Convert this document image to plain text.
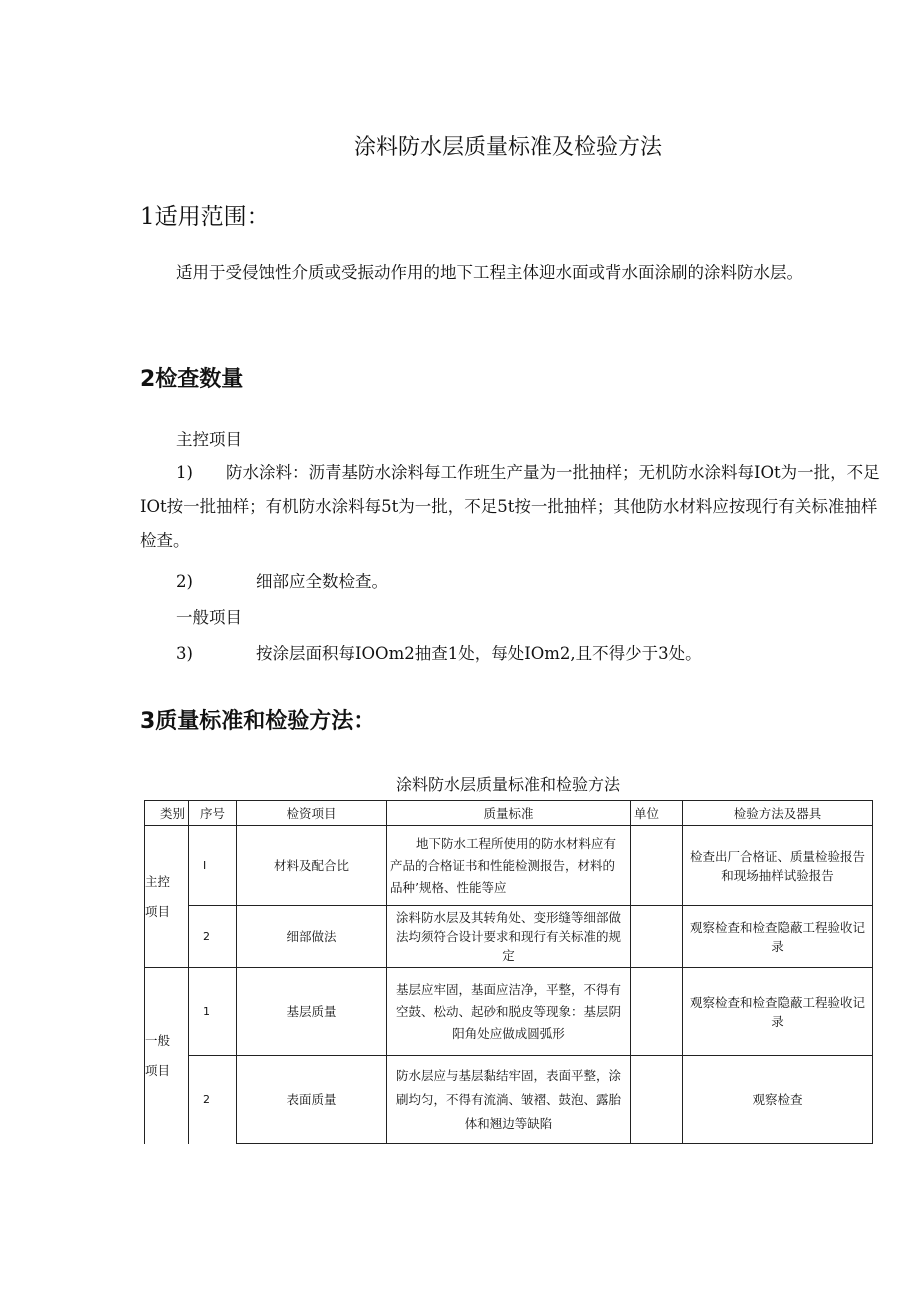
涂料防水层质量标准及检验方法
1适用范围：
适用于受侵蚀性介质或受振动作用的地下工程主体迎水面或背水面涂刷的涂料防水层。
2检查数量
主控项目
1) 防水涂料：沥青基防水涂料每工作班生产量为一批抽样；无机防水涂料每IOt为一批，不足IOt按一批抽样；有机防水涂料每5t为一批，不足5t按一批抽样；其他防水材料应按现行有关标准抽样检查。
2)	细部应全数检查。
一般项目
3)	按涂层面积每IOOm2抽查1处，每处IOm2,且不得少于3处。
3质量标准和检验方法：
涂料防水层质量标准和检验方法
类别	序号	检资项目	质量标准	单位	检验方法及器具

主控项目	I	材料及配合比	地下防水工程所使用的防水材料应有产品的合格证书和性能检测报告，材料的品种’规格、性能等应		检查出厂合格证、质量检验报告和现场抽样试验报告
	2	细部做法	涂料防水层及其转角处、变形缝等细部做法均须符合设计要求和现行有关标准的规定		观察检查和检查隐蔽工程验收记录

一般项目	1	基层质量	基层应牢固，基面应洁净，平整，不得有空鼓、松动、起砂和脱皮等现象：基层阴阳角处应做成圆弧形		观察检查和检查隐蔽工程验收记录
	2	表面质量	防水层应与基层黏结牢固，表面平整，涂刷均匀，不得有流淌、皱褶、鼓泡、露胎体和翘边等缺陷		观察检查
